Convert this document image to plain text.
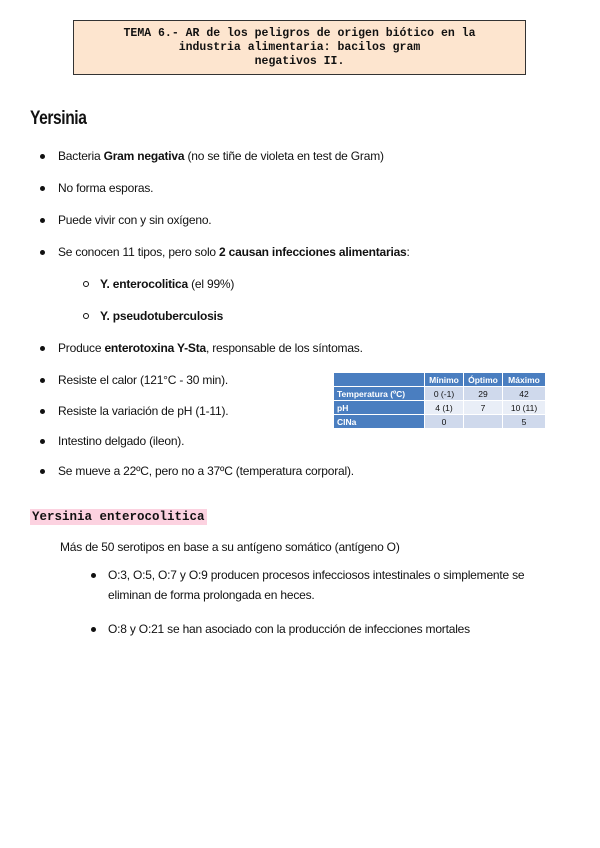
TEMA 6.- AR de los peligros de origen biótico en la
industria alimentaria: bacilos gram
negativos II.
Yersinia
Bacteria Gram negativa (no se tiñe de violeta en test de Gram)
No forma esporas.
Puede vivir con y sin oxígeno.
Se conocen 11 tipos, pero solo 2 causan infecciones alimentarias:
Y. enterocolitica (el 99%)
Y. pseudotuberculosis
Produce enterotoxina Y-Sta, responsable de los síntomas.
Resiste el calor (121°C - 30 min).
Resiste la variación de pH (1-11).
Intestino delgado (ileon).
Se mueve a 22ºC, pero no a 37ºC (temperatura corporal).
	Mínimo	Óptimo	Máximo
Temperatura (ºC)	0 (-1)	29	42
pH	4 (1)	7	10 (11)
ClNa	0		5
Yersinia enterocolitica
Más de 50 serotipos en base a su antígeno somático (antígeno O)
O:3, O:5, O:7 y O:9 producen procesos infecciosos intestinales o simplemente se eliminan de forma prolongada en heces.
O:8 y O:21 se han asociado con la producción de infecciones mortales
